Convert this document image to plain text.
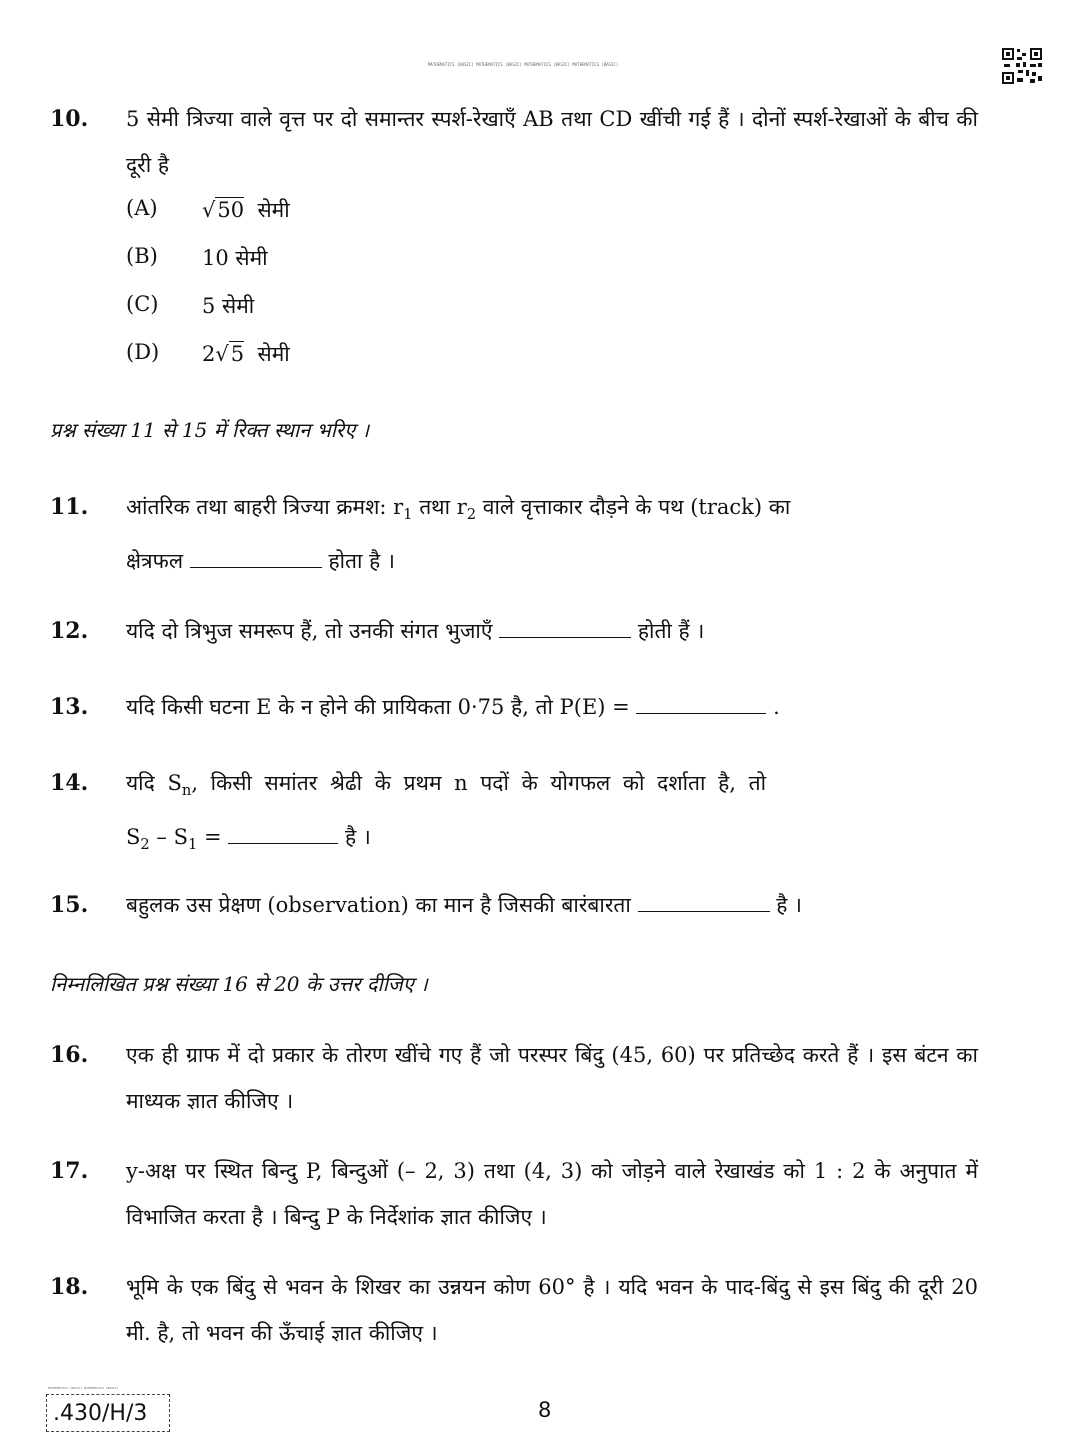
MATHEMATICS (BASIC) MATHEMATICS (BASIC) MATHEMATICS (BASIC) MATHEMATICS (BASIC)
10. 5 सेमी त्रिज्या वाले वृत्त पर दो समान्तर स्पर्श-रेखाएँ AB तथा CD खींची गई हैं । दोनों स्पर्श-रेखाओं के बीच की दूरी है
(A)	√50 सेमी
(B)	10 सेमी
(C)	5 सेमी
(D)	2√5 सेमी
प्रश्न संख्या 11 से 15 में रिक्त स्थान भरिए ।
11. आंतरिक तथा बाहरी त्रिज्या क्रमश: $r_1$ तथा $r_2$ वाले वृत्ताकार दौड़ने के पथ (track) का
क्षेत्रफल	होता है ।
12. यदि दो त्रिभुज समरूप हैं, तो उनकी संगत भुजाएँ	होती हैं ।
13. यदि किसी घटना E के न होने की प्रायिकता 0·75 है, तो P(E) =	.
14. यदि $S_n$, किसी समांतर श्रेढी के प्रथम n पदों के योगफल को दर्शाता है, तो
$S_2 - S_1$ =	है ।
15. बहुलक उस प्रेक्षण (observation) का मान है जिसकी बारंबारता	है ।
निम्नलिखित प्रश्न संख्या 16 से 20 के उत्तर दीजिए ।
16. एक ही ग्राफ में दो प्रकार के तोरण खींचे गए हैं जो परस्पर बिंदु (45, 60) पर प्रतिच्छेद करते हैं । इस बंटन का माध्यक ज्ञात कीजिए ।
17. y-अक्ष पर स्थित बिन्दु P, बिन्दुओं (– 2, 3) तथा (4, 3) को जोड़ने वाले रेखाखंड को 1 : 2 के अनुपात में विभाजित करता है । बिन्दु P के निर्देशांक ज्ञात कीजिए ।
18. भूमि के एक बिंदु से भवन के शिखर का उन्नयन कोण 60° है । यदि भवन के पाद-बिंदु से इस बिंदु की दूरी 20 मी. है, तो भवन की ऊँचाई ज्ञात कीजिए ।
.430/H/3
MATHEMATICS (BASIC) MATHEMATICS (BASIC)
8
